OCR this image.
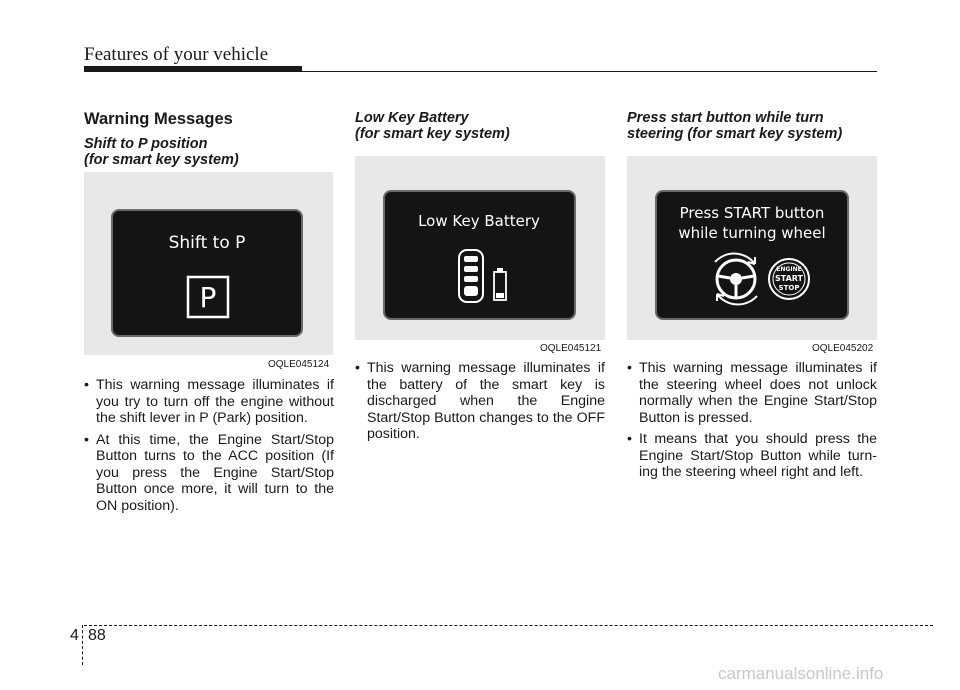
Features of your vehicle
Warning Messages
Shift to P position
(for smart key system)
Shift to P
P
OQLE045124
• This warning message illuminates if you try to turn off the engine without the shift lever in P (Park) position.
• At this time, the Engine Start/Stop Button turns to the ACC position (If you press the Engine Start/Stop Button once more, it will turn to the ON position).
Low Key Battery
(for smart key system)
Low Key Battery
OQLE045121
• This warning message illuminates if the battery of the smart key is discharged when the Engine Start/Stop Button changes to the OFF position.
Press start button while turn
steering (for smart key system)
Press START button
while turning wheel
ENGINE
START
STOP
OQLE045202
• This warning message illuminates if the steering wheel does not unlock normally when the Engine Start/Stop Button is pressed.
• It means that you should press the Engine Start/Stop Button while turn-ing the steering wheel right and left.
4 88
carmanualsonline.info
